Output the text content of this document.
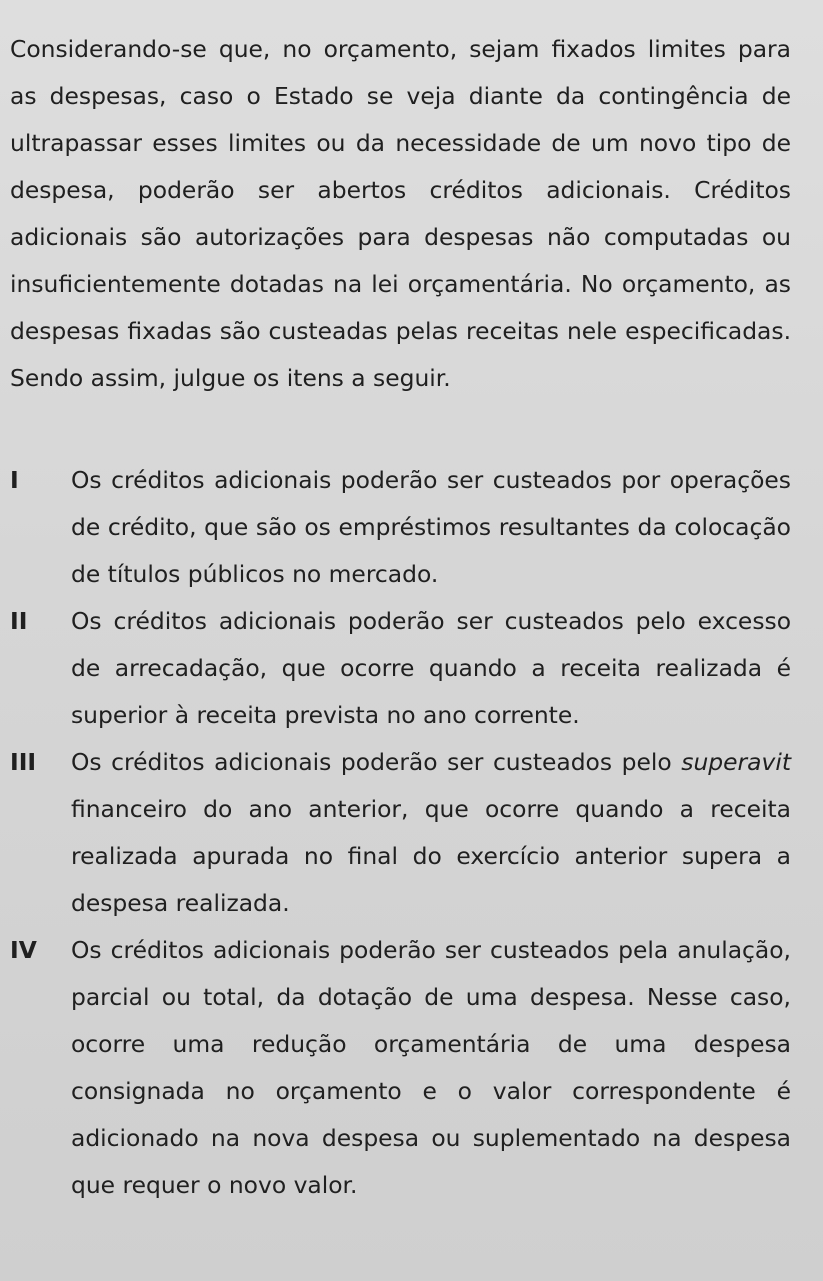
Considerando-se que, no orçamento, sejam fixados limites para as despesas, caso o Estado se veja diante da contingência de ultrapassar esses limites ou da necessidade de um novo tipo de despesa, poderão ser abertos créditos adicionais. Créditos adicionais são autorizações para despesas não computadas ou insuficientemente dotadas na lei orçamentária. No orçamento, as despesas fixadas são custeadas pelas receitas nele especificadas. Sendo assim, julgue os itens a seguir.

I	Os créditos adicionais poderão ser custeados por operações de crédito, que são os empréstimos resultantes da colocação de títulos públicos no mercado.

II	Os créditos adicionais poderão ser custeados pelo excesso de arrecadação, que ocorre quando a receita realizada é superior à receita prevista no ano corrente.

III	Os créditos adicionais poderão ser custeados pelo superavit financeiro do ano anterior, que ocorre quando a receita realizada apurada no final do exercício anterior supera a despesa realizada.

IV	Os créditos adicionais poderão ser custeados pela anulação, parcial ou total, da dotação de uma despesa. Nesse caso, ocorre uma redução orçamentária de uma despesa consignada no orçamento e o valor correspondente é adicionado na nova despesa ou suplementado na despesa que requer o novo valor.
